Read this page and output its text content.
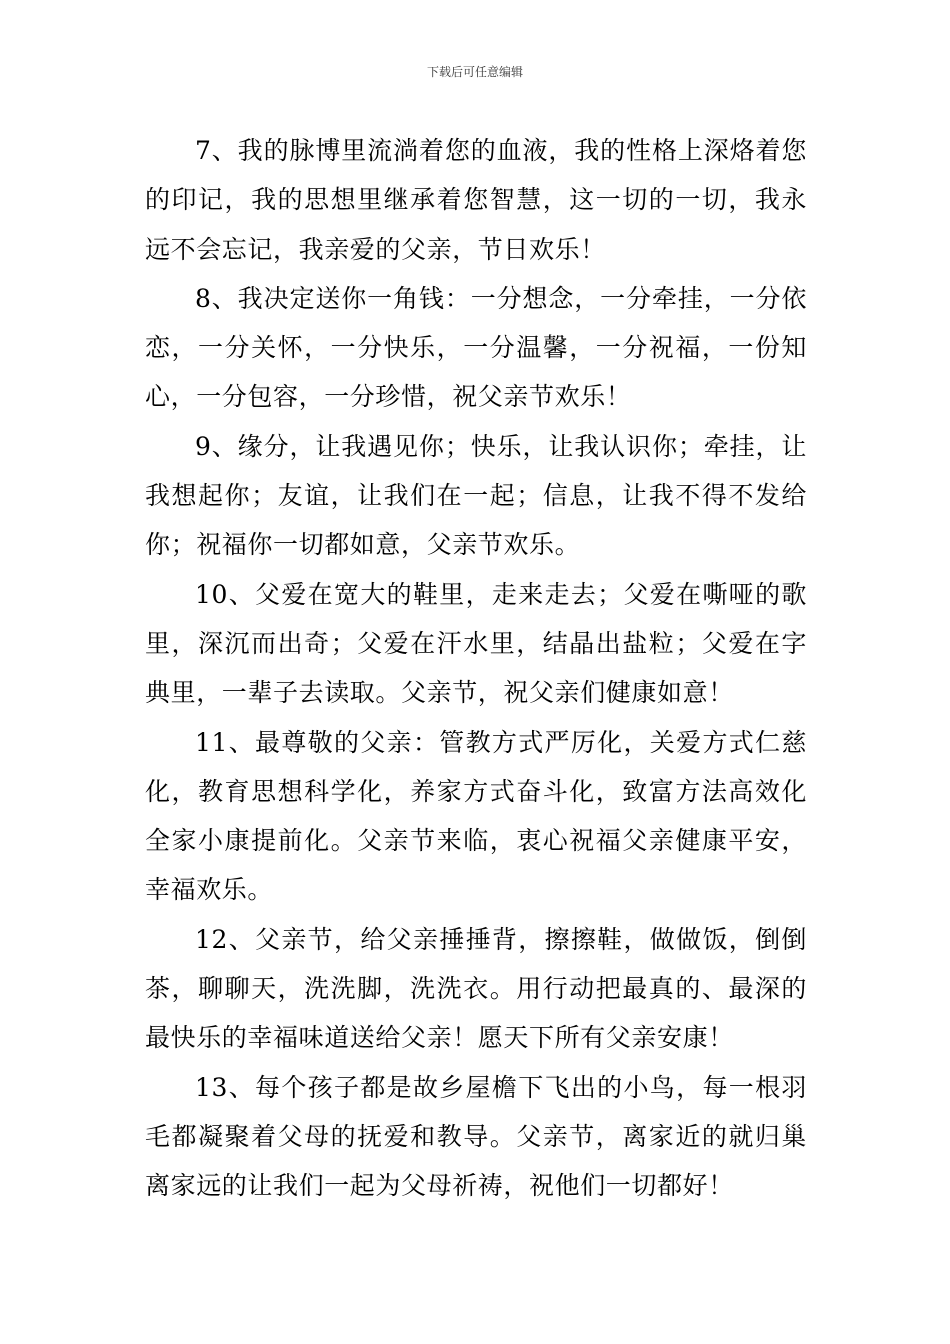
下载后可任意编辑

7、我的脉博里流淌着您的血液，我的性格上深烙着您的印记，我的思想里继承着您智慧，这一切的一切，我永远不会忘记，我亲爱的父亲，节日欢乐！

8、我决定送你一角钱：一分想念，一分牵挂，一分依恋，一分关怀，一分快乐，一分温馨，一分祝福，一份知心，一分包容，一分珍惜，祝父亲节欢乐！

9、缘分，让我遇见你；快乐，让我认识你；牵挂，让我想起你；友谊，让我们在一起；信息，让我不得不发给你；祝福你一切都如意，父亲节欢乐。

10、父爱在宽大的鞋里，走来走去；父爱在嘶哑的歌里，深沉而出奇；父爱在汗水里，结晶出盐粒；父爱在字典里，一辈子去读取。父亲节，祝父亲们健康如意！

11、最尊敬的父亲：管教方式严厉化，关爱方式仁慈化，教育思想科学化，养家方式奋斗化，致富方法高效化全家小康提前化。父亲节来临，衷心祝福父亲健康平安，幸福欢乐。

12、父亲节，给父亲捶捶背，擦擦鞋，做做饭，倒倒茶，聊聊天，洗洗脚，洗洗衣。用行动把最真的、最深的最快乐的幸福味道送给父亲！愿天下所有父亲安康！

13、每个孩子都是故乡屋檐下飞出的小鸟，每一根羽毛都凝聚着父母的抚爱和教导。父亲节，离家近的就归巢离家远的让我们一起为父母祈祷，祝他们一切都好！
